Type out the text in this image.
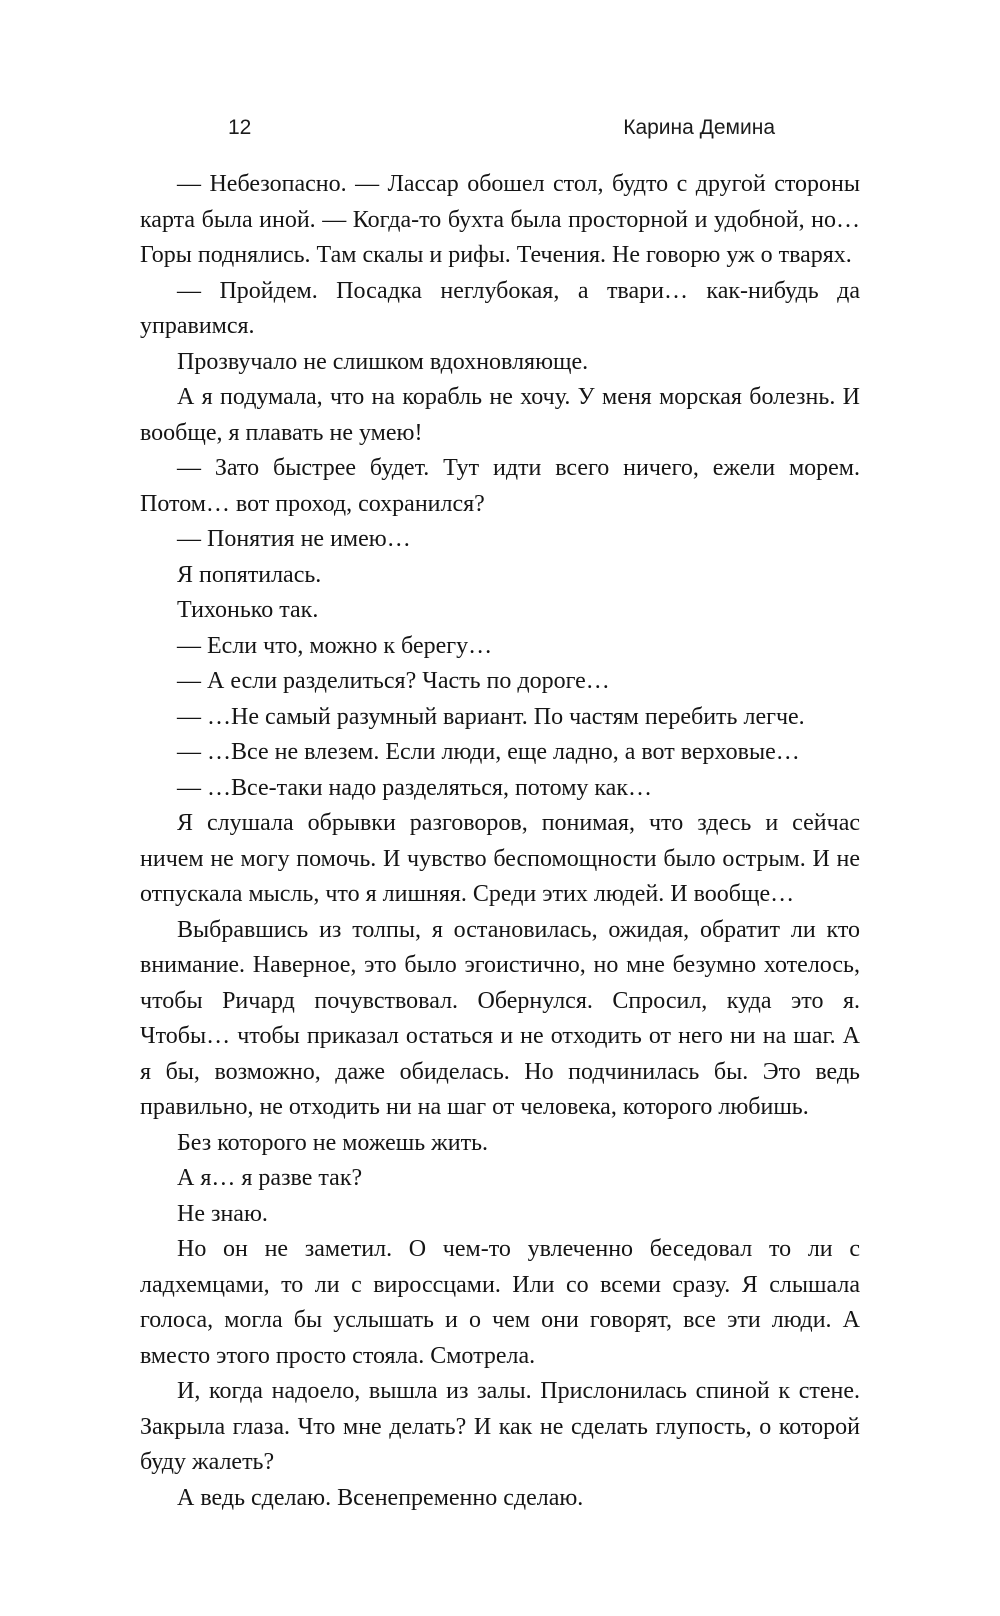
12	Карина Демина

— Небезопасно. — Лассар обошел стол, будто с другой стороны карта была иной. — Когда-то бухта была просторной и удобной, но… Горы поднялись. Там скалы и рифы. Течения. Не говорю уж о тварях.

— Пройдем. Посадка неглубокая, а твари… как-нибудь да управимся.

Прозвучало не слишком вдохновляюще.

А я подумала, что на корабль не хочу. У меня морская болезнь. И вообще, я плавать не умею!

— Зато быстрее будет. Тут идти всего ничего, ежели морем. Потом… вот проход, сохранился?

— Понятия не имею…

Я попятилась.

Тихонько так.

— Если что, можно к берегу…

— А если разделиться? Часть по дороге…

— …Не самый разумный вариант. По частям перебить легче.

— …Все не влезем. Если люди, еще ладно, а вот верховые…

— …Все-таки надо разделяться, потому как…

Я слушала обрывки разговоров, понимая, что здесь и сейчас ничем не могу помочь. И чувство беспомощности было острым. И не отпускала мысль, что я лишняя. Среди этих людей. И вообще…

Выбравшись из толпы, я остановилась, ожидая, обратит ли кто внимание. Наверное, это было эгоистично, но мне безумно хотелось, чтобы Ричард почувствовал. Обернулся. Спросил, куда это я. Чтобы… чтобы приказал остаться и не отходить от него ни на шаг. А я бы, возможно, даже обиделась. Но подчинилась бы. Это ведь правильно, не отходить ни на шаг от человека, которого любишь.

Без которого не можешь жить.

А я… я разве так?

Не знаю.

Но он не заметил. О чем-то увлеченно беседовал то ли с ладхемцами, то ли с вироссцами. Или со всеми сразу. Я слышала голоса, могла бы услышать и о чем они говорят, все эти люди. А вместо этого просто стояла. Смотрела.

И, когда надоело, вышла из залы. Прислонилась спиной к стене. Закрыла глаза. Что мне делать? И как не сделать глупость, о которой буду жалеть?

А ведь сделаю. Всенепременно сделаю.
